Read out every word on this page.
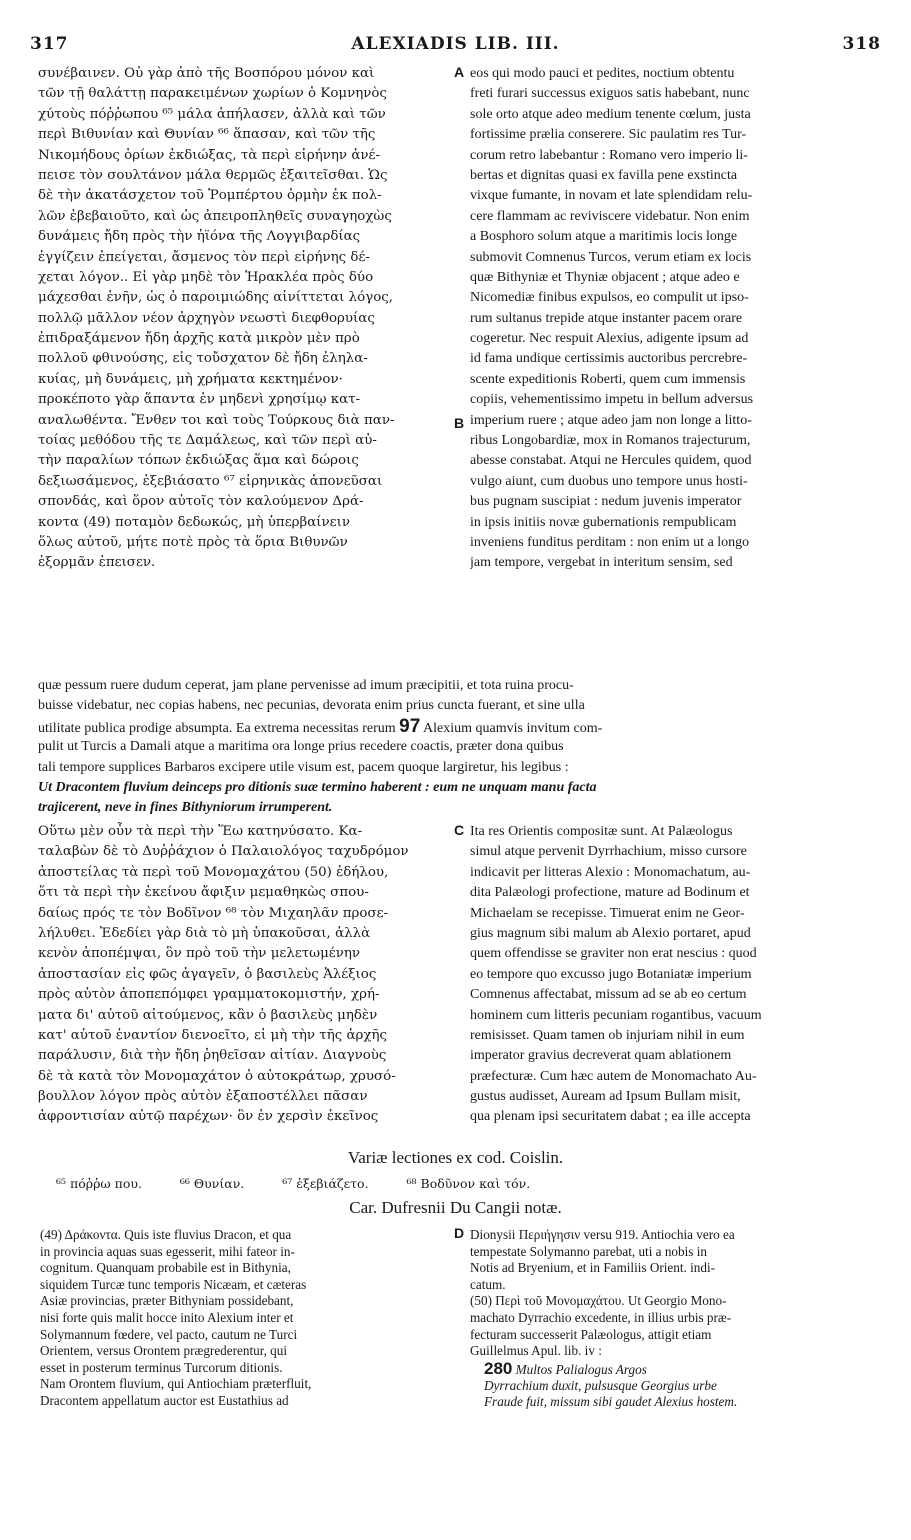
317	ALEXIADIS LIB. III.	318
A
B
C
D
συνέβαινεν. Οὐ γὰρ ἀπὸ τῆς Βοσπόρου μόνον καὶ
τῶν τῇ θαλάττῃ παρακειμένων χωρίων ὁ Κομνηνὸς
χύτοὺς πόῤῥωπου ⁶⁵ μάλα ἀπήλασεν, ἀλλὰ καὶ τῶν
περὶ Βιθυνίαν καὶ Θυνίαν ⁶⁶ ἅπασαν, καὶ τῶν τῆς
Νικομήδους ὁρίων ἐκδιώξας, τὰ περὶ εἰρήνην ἀνέ-
πεισε τὸν σουλτάνον μάλα θερμῶς ἐξαιτεῖσθαι. Ὡς
δὲ τὴν ἀκατάσχετον τοῦ Ῥομπέρτου ὁρμὴν ἐκ πολ-
λῶν ἐβεβαιοῦτο, καὶ ὡς ἀπειροπληθεῖς συναγηοχὼς
δυνάμεις ἤδη πρὸς τὴν ἠϊόνα τῆς Λογγιβαρδίας
ἐγγίζειν ἐπείγεται, ἄσμενος τὸν περὶ εἰρήνης δέ-
χεται λόγον.. Εἰ γὰρ μηδὲ τὸν Ἡρακλέα πρὸς δύο
μάχεσθαι ἐνῆν, ὡς ὁ παροιμιώδης αἰνίττεται λόγος,
πολλῷ μᾶλλον νέον ἀρχηγὸν νεωστὶ διεφθορυίας
ἐπιδραξάμενον ἤδη ἀρχῆς κατὰ μικρὸν μὲν πρὸ
πολλοῦ φθινούσης, εἰς τοὔσχατον δὲ ἤδη ἐληλα-
κυίας, μὴ δυνάμεις, μὴ χρήματα κεκτημένον·
προκέποτο γὰρ ἅπαντα ἐν μηδενὶ χρησίμῳ κατ-
αναλωθέντα. Ἔνθεν τοι καὶ τοὺς Τούρκους διὰ παν-
τοίας μεθόδου τῆς τε Δαμάλεως, καὶ τῶν περὶ αὐ-
τὴν παραλίων τόπων ἐκδιώξας ἅμα καὶ δώροις
δεξιωσάμενος, ἐξεβιάσατο ⁶⁷ εἰρηνικὰς ἀπονεῦσαι
σπονδάς, καὶ ὅρον αὐτοῖς τὸν καλούμενον Δρά-
κοντα (49) ποταμὸν δεδωκώς, μὴ ὑπερβαίνειν
ὅλως αὐτοῦ, μήτε ποτὲ πρὸς τὰ ὅρια Βιθυνῶν
ἐξορμᾶν ἐπεισεν.
eos qui modo pauci et pedites, noctium obtentu
freti furari successus exiguos satis habebant, nunc
sole orto atque adeo medium tenente cœlum, justa
fortissime prælia conserere. Sic paulatim res Tur-
corum retro labebantur : Romano vero imperio li-
bertas et dignitas quasi ex favilla pene exstincta
vixque fumante, in novam et late splendidam relu-
cere flammam ac reviviscere videbatur. Non enim
a Bosphoro solum atque a maritimis locis longe
submovit Comnenus Turcos, verum etiam ex locis
quæ Bithyniæ et Thyniæ objacent ; atque adeo e
Nicomediæ finibus expulsos, eo compulit ut ipso-
rum sultanus trepide atque instanter pacem orare
cogeretur. Nec respuit Alexius, adigente ipsum ad
id fama undique certissimis auctoribus percrebre-
scente expeditionis Roberti, quem cum immensis
copiis, vehementissimo impetu in bellum adversus
imperium ruere ; atque adeo jam non longe a litto-
ribus Longobardiæ, mox in Romanos trajecturum,
abesse constabat. Atqui ne Hercules quidem, quod
vulgo aiunt, cum duobus uno tempore unus hosti-
bus pugnam suscipiat : nedum juvenis imperator
in ipsis initiis novæ gubernationis rempublicam
inveniens funditus perditam : non enim ut a longo
jam tempore, vergebat in interitum sensim, sed
quæ pessum ruere dudum ceperat, jam plane pervenisse ad imum præcipitii, et tota ruina procu-
buisse videbatur, nec copias habens, nec pecunias, devorata enim prius cuncta fuerant, et sine ulla
utilitate publica prodige absumpta. Ea extrema necessitas rerum 97 Alexium quamvis invitum com-
pulit ut Turcis a Damali atque a maritima ora longe prius recedere coactis, præter dona quibus
tali tempore supplices Barbaros excipere utile visum est, pacem quoque largiretur, his legibus :
Ut Dracontem fluvium deinceps pro ditionis suæ termino haberent : eum ne unquam manu facta
trajicerent, neve in fines Bithyniorum irrumperent.
Οὕτω μὲν οὖν τὰ περὶ τὴν Ἕω κατηνύσατο. Κα-
ταλαβὼν δὲ τὸ Δυῤῥάχιον ὁ Παλαιολόγος ταχυδρόμον
ἀποστείλας τὰ περὶ τοῦ Μονομαχάτου (50) ἐδήλου,
ὅτι τὰ περὶ τὴν ἐκείνου ἄφιξιν μεμαθηκὼς σπου-
δαίως πρός τε τὸν Βοδῖνον ⁶⁸ τὸν Μιχαηλᾶν προσε-
λήλυθει. Ἐδεδίει γὰρ διὰ τὸ μὴ ὑπακοῦσαι, ἀλλὰ
κενὸν ἀποπέμψαι, ὃν πρὸ τοῦ τὴν μελετωμένην
ἀποστασίαν εἰς φῶς ἀγαγεῖν, ὁ βασιλεὺς Ἀλέξιος
πρὸς αὐτὸν ἀποπεπόμφει γραμματοκομιστήν, χρή-
ματα δι' αὐτοῦ αἰτούμενος, κἂν ὁ βασιλεὺς μηδὲν
κατ' αὐτοῦ ἐναντίον διενοεῖτο, εἰ μὴ τὴν τῆς ἀρχῆς
παράλυσιν, διὰ τὴν ἤδη ῥηθεῖσαν αἰτίαν. Διαγνοὺς
δὲ τὰ κατὰ τὸν Μονομαχάτον ὁ αὐτοκράτωρ, χρυσό-
βουλλον λόγον πρὸς αὐτὸν ἐξαποστέλλει πᾶσαν
ἀφροντισίαν αὐτῷ παρέχων· ὃν ἐν χερσὶν ἐκεῖνος
Ita res Orientis compositæ sunt. At Palæologus
simul atque pervenit Dyrrhachium, misso cursore
indicavit per litteras Alexio : Monomachatum, au-
dita Palæologi profectione, mature ad Bodinum et
Michaelam se recepisse. Timuerat enim ne Geor-
gius magnum sibi malum ab Alexio portaret, apud
quem offendisse se graviter non erat nescius : quod
eo tempore quo excusso jugo Botaniatæ imperium
Comnenus affectabat, missum ad se ab eo certum
hominem cum litteris pecuniam rogantibus, vacuum
remisisset. Quam tamen ob injuriam nihil in eum
imperator gravius decreverat quam ablationem
præfecturæ. Cum hæc autem de Monomachato Au-
gustus audisset, Auream ad Ipsum Bullam misit,
qua plenam ipsi securitatem dabat ; ea ille accepta
Variæ lectiones ex cod. Coislin.
⁶⁵ πόῤῥω που.	⁶⁶ Θυνίαν.	⁶⁷ ἐξεβιάζετο.	⁶⁸ Βοδῦνον καὶ τόν.
Car. Dufresnii Du Cangii notæ.
(49) Δράκοντα. Quis iste fluvius Dracon, et qua
in provincia aquas suas egesserit, mihi fateor in-
cognitum. Quanquam probabile est in Bithynia,
siquidem Turcæ tunc temporis Nicæam, et cæteras
Asiæ provincias, præter Bithyniam possidebant,
nisi forte quis malit hocce inito Alexium inter et
Solymannum fœdere, vel pacto, cautum ne Turci
Orientem, versus Orontem prægrederentur, qui
esset in posterum terminus Turcorum ditionis.
Nam Orontem fluvium, qui Antiochiam præterfluit,
Dracontem appellatum auctor est Eustathius ad
Dionysii Περιήγησιν versu 919. Antiochia vero ea
tempestate Solymanno parebat, uti a nobis in
Notis ad Bryenium, et in Familiis Orient. indi-
catum.
(50) Περὶ τοῦ Μονομαχάτου. Ut Georgio Mono-
machato Dyrrachio excedente, in illius urbis præ-
fecturam successerit Palæologus, attigit etiam
Guillelmus Apul. lib. iv :
280 Multos Palialogus Argos
Dyrrachium duxit, pulsusque Georgius urbe
Fraude fuit, missum sibi gaudet Alexius hostem.
